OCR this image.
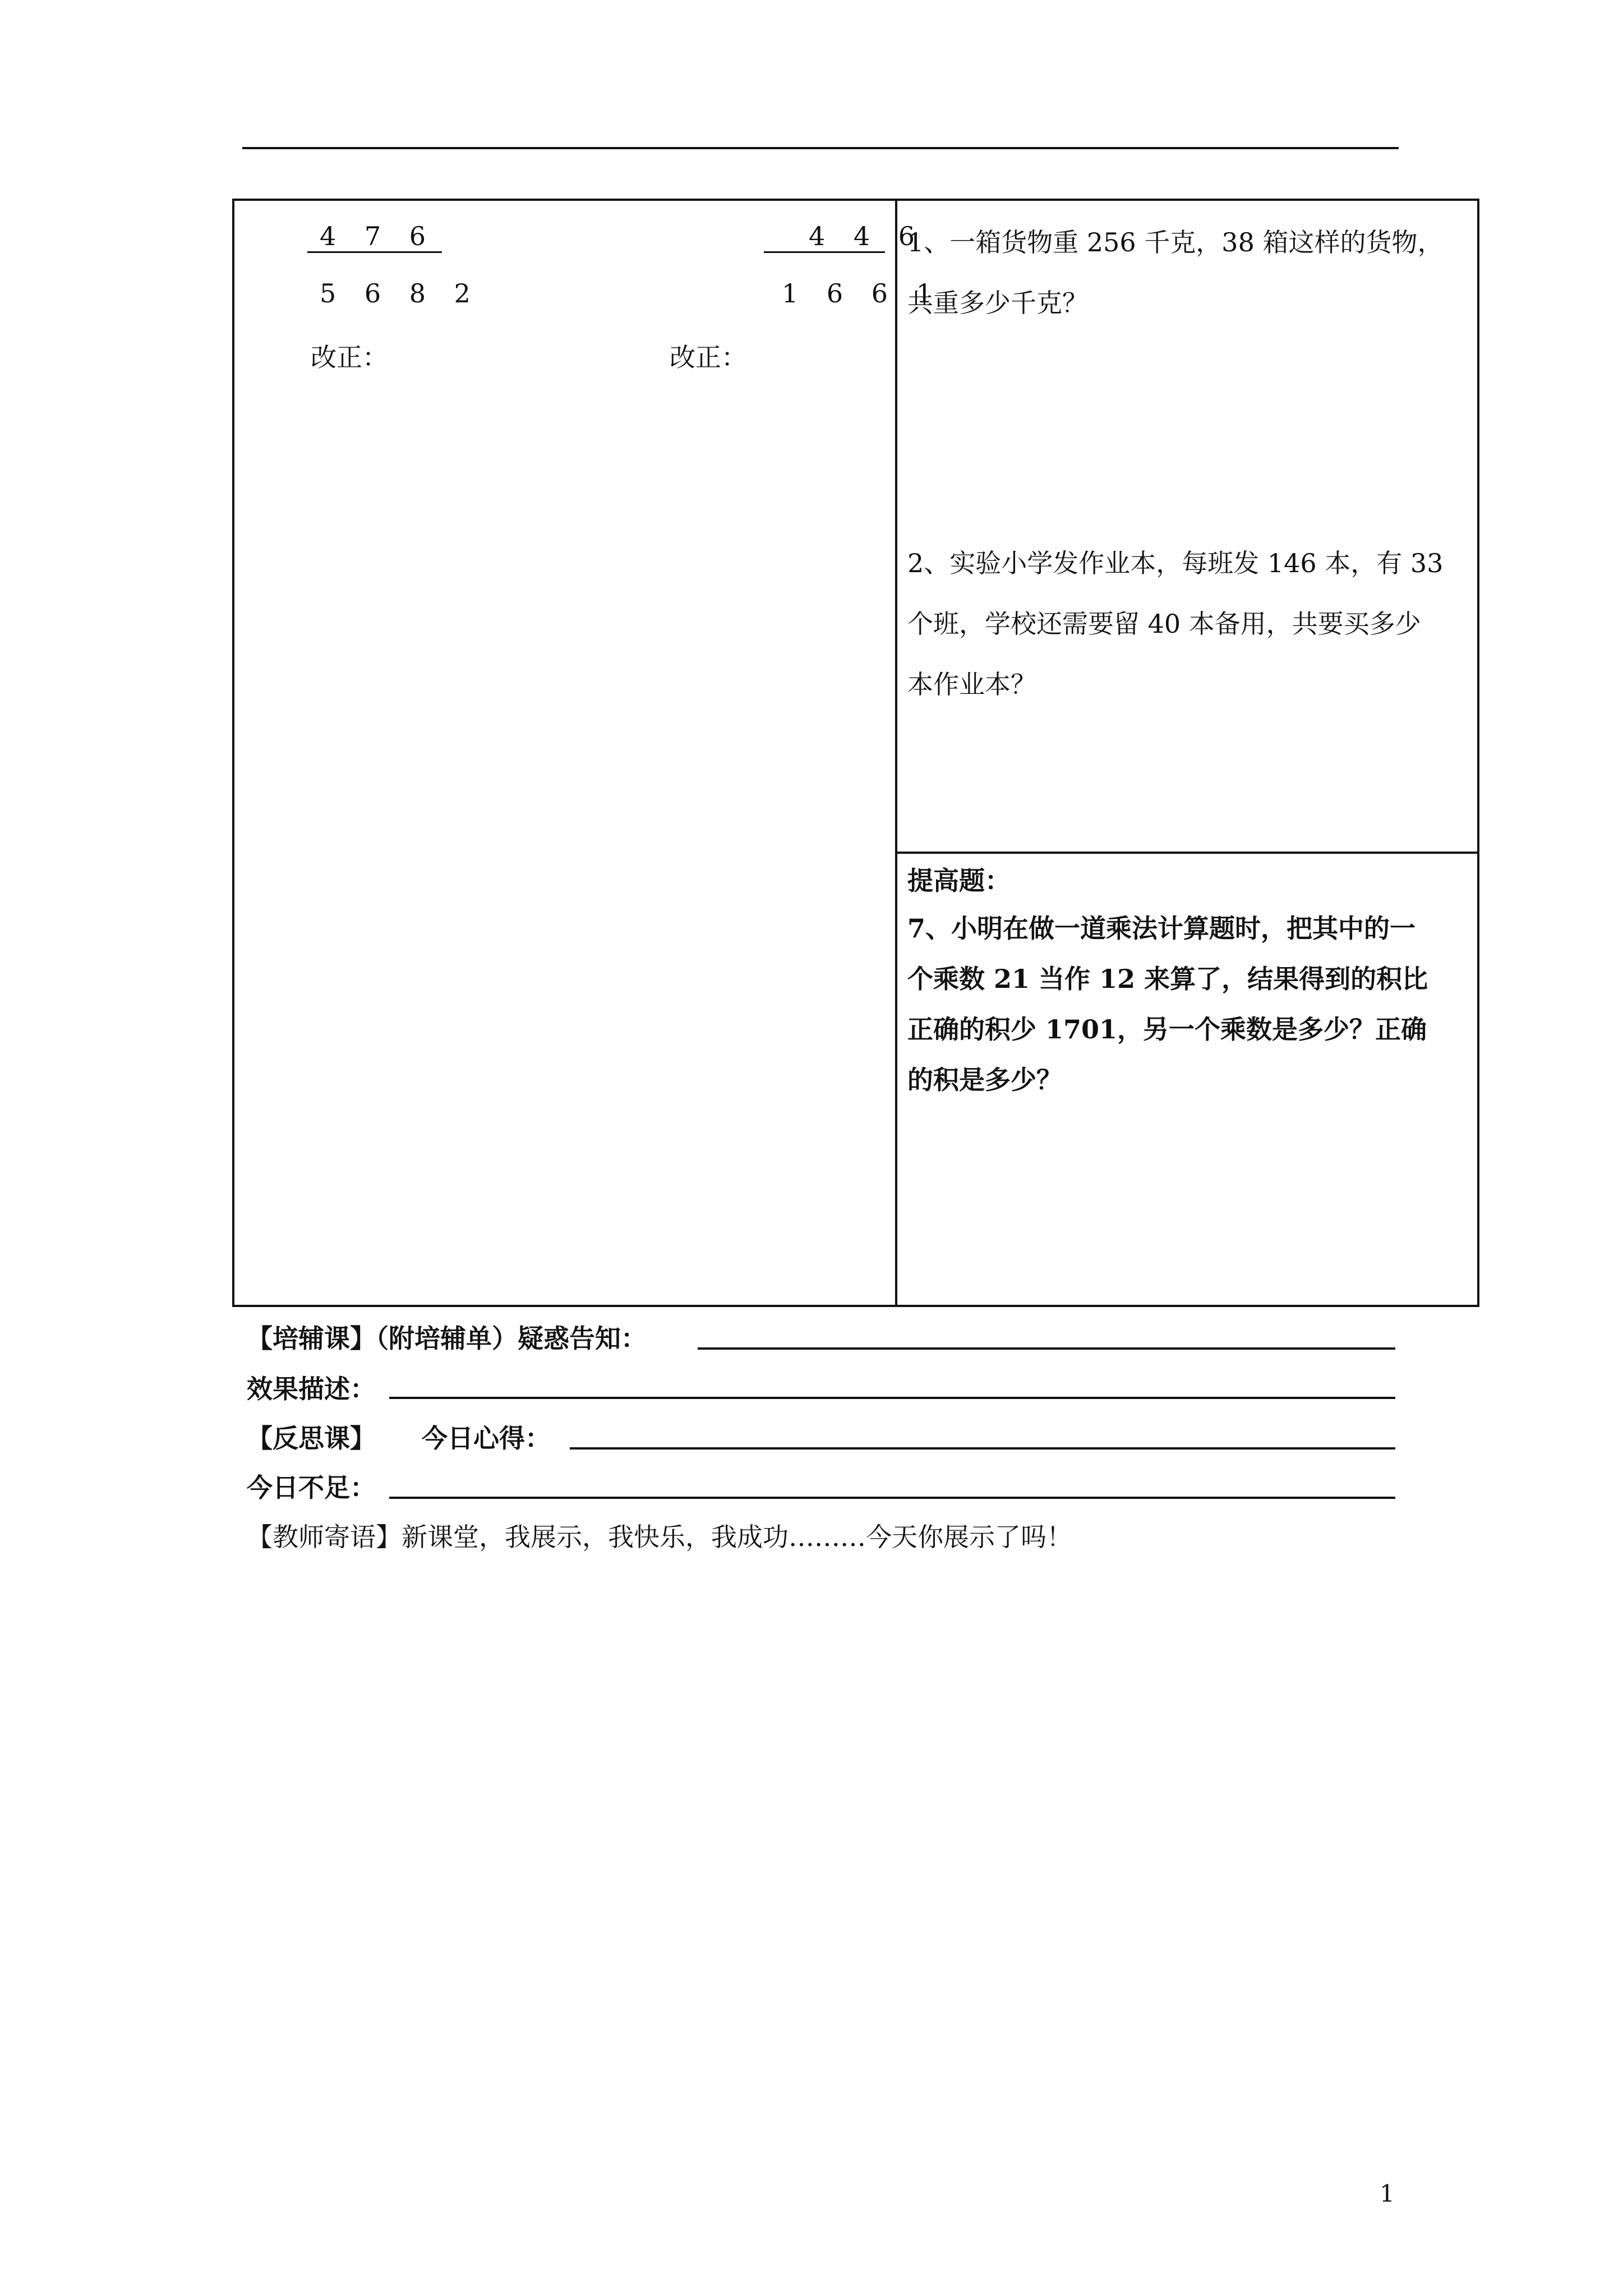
4 7 6
5 6 8 2
改正：
4 4 6
1 6 6 1
改正：
1、一箱货物重 256 千克，38 箱这样的货物，
共重多少千克？
2、实验小学发作业本，每班发 146 本，有 33
个班，学校还需要留 40 本备用，共要买多少
本作业本？
提高题：
7、小明在做一道乘法计算题时，把其中的一
个乘数 21 当作 12 来算了，结果得到的积比
正确的积少 1701，另一个乘数是多少？正确
的积是多少？
【培辅课】（附培辅单）疑惑告知：
效果描述：
【反思课】 今日心得：
今日不足：
【教师寄语】新课堂，我展示，我快乐，我成功………今天你展示了吗！
1
